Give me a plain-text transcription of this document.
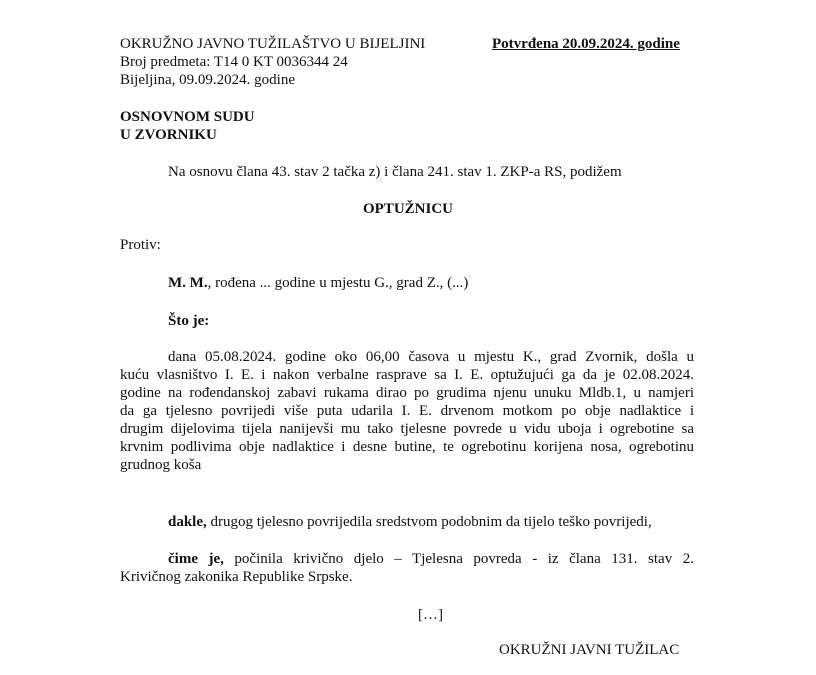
OKRUŽNO JAVNO TUŽILAŠTVO U BIJELJINI	Potvrđena 20.09.2024. godine
Broj predmeta: T14 0 KT 0036344 24
Bijeljina, 09.09.2024. godine
OSNOVNOM SUDU
U ZVORNIKU
Na osnovu člana 43. stav 2 tačka z) i člana 241. stav 1. ZKP-a RS, podižem
OPTUŽNICU
Protiv:
M. M., rođena ... godine u mjestu G., grad Z., (...)
Što je:
dana 05.08.2024. godine oko 06,00 časova u mjestu K., grad Zvornik, došla u
kuću vlasništvo I. E. i nakon verbalne rasprave sa I. E. optužujući ga da je 02.08.2024.
godine na rođendanskoj zabavi rukama dirao po grudima njenu unuku Mldb.1, u namjeri
da ga tjelesno povrijedi više puta udarila I. E. drvenom motkom po obje nadlaktice i
drugim dijelovima tijela nanijevši mu tako tjelesne povrede u vidu uboja i ogrebotine sa
krvnim podlivima obje nadlaktice i desne butine, te ogrebotinu korijena nosa, ogrebotinu
grudnog koša
dakle, drugog tjelesno povrijedila sredstvom podobnim da tijelo teško povrijedi,
čime je, počinila krivično djelo – Tjelesna povreda - iz člana 131. stav 2.
Krivičnog zakonika Republike Srpske.
[…]
OKRUŽNI JAVNI TUŽILAC
